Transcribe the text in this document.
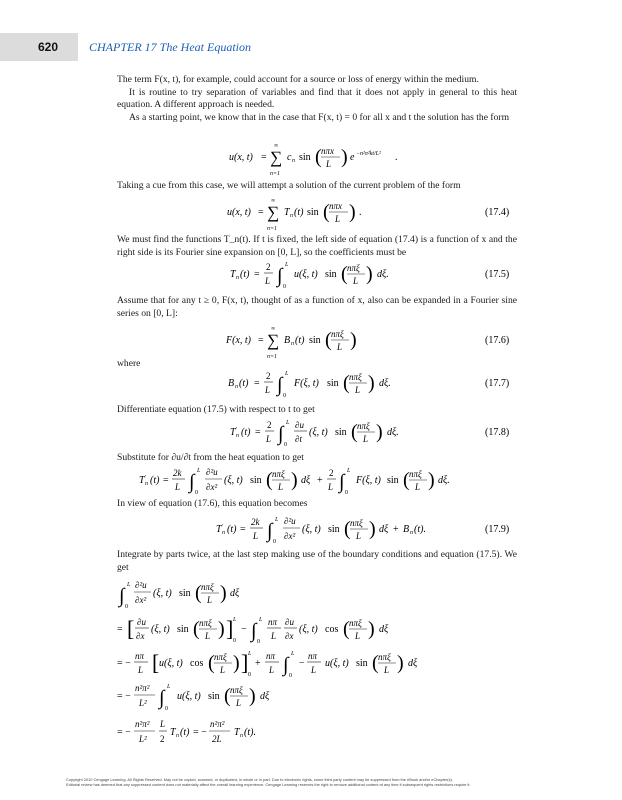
620	CHAPTER 17 The Heat Equation

The term F(x, t), for example, could account for a source or loss of energy within the medium.

It is routine to try separation of variables and find that it does not apply in general to this heat equation. A different approach is needed.

As a starting point, we know that in the case that F(x, t) = 0 for all x and t the solution has the form

u(x, t) = ∑
∞
n=1
c n sin ( nπx
L ) e −n²π²kt/L² .

Taking a cue from this case, we will attempt a solution of the current problem of the form

u(x, t) = ∑
∞
n=1
T n (t) sin ( nπx
L ) .	(17.4)

We must find the functions T_n(t). If t is fixed, the left side of equation (17.4) is a function of x and the right side is its Fourier sine expansion on [0, L], so the coefficients must be

T n (t) =
2
L ∫ L
0
u(ξ, t) sin ( nπξ
L ) dξ.	(17.5)

Assume that for any t ≥ 0, F(x, t), thought of as a function of x, also can be expanded in a Fourier sine series on [0, L]:

F(x, t) = ∑
∞
n=1
B n (t) sin ( nπξ
L )	(17.6)

where

B n (t) =
2
L ∫ L
0
F(ξ, t) sin ( nπξ
L ) dξ.	(17.7)

Differentiate equation (17.5) with respect to t to get

T ′
n (t) =
2
L ∫ L
0
∂u
∂t
(ξ, t) sin ( nπξ
L ) dξ.	(17.8)

Substitute for ∂u/∂t from the heat equation to get

T ′
n (t) =
2k
L ∫ L
0
∂²u
∂x²
(ξ, t) sin ( nπξ
L ) dξ +
2
L ∫ L
0
F(ξ, t) sin ( nπξ
L ) dξ.

In view of equation (17.6), this equation becomes

T ′
n (t) =
2k
L ∫ L
0
∂²u
∂x²
(ξ, t) sin ( nπξ
L ) dξ + B n (t).	(17.9)

Integrate by parts twice, at the last step making use of the boundary conditions and equation (17.5). We get

∫ L
0
∂²u
∂x²
(ξ, t) sin ( nπξ
L ) dξ
= [ ∂u
∂x
(ξ, t) sin ( nπξ
L ) ] L
0
− ∫ L
0
nπ
L
∂u
∂x
(ξ, t) cos ( nπξ
L ) dξ
= −
nπ
L [ u(ξ, t) cos ( nπξ
L ) ] L
0
+
nπ
L ∫ L
0
−
nπ
L
u(ξ, t) sin ( nπξ
L ) dξ
= −
n²π²
L² ∫ L
0
u(ξ, t) sin ( nπξ
L ) dξ
= −
n²π²
L²
L
2
T n (t) = −
n²π²
2L
T n (t).
Copyright 2010 Cengage Learning. All Rights Reserved. May not be copied, scanned, or duplicated, in whole or in part. Due to electronic rights, some third party content may be suppressed from the eBook and/or eChapter(s).
Editorial review has deemed that any suppressed content does not materially affect the overall learning experience. Cengage Learning reserves the right to remove additional content at any time if subsequent rights restrictions require it.
